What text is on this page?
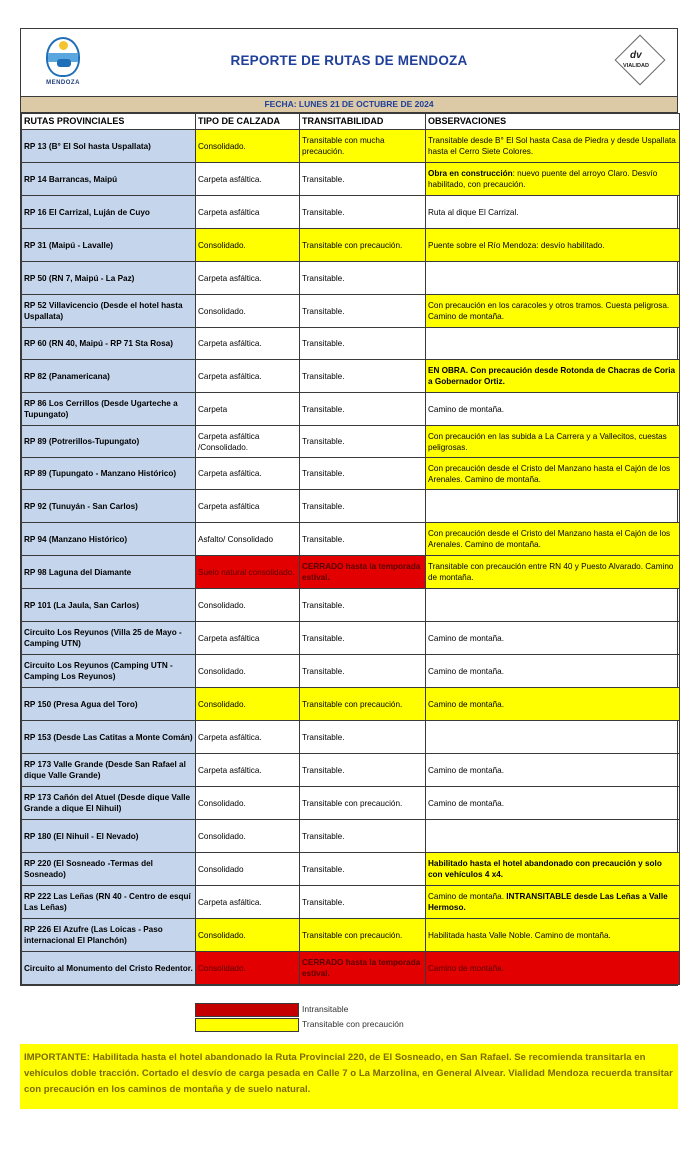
MENDOZA
REPORTE DE RUTAS DE MENDOZA	dv
VIALIDAD
FECHA: LUNES 21 DE OCTUBRE DE 2024
RUTAS PROVINCIALES	TIPO DE CALZADA	TRANSITABILIDAD	OBSERVACIONES
RP 13 (B° El Sol hasta Uspallata)	Consolidado.	Transitable con mucha precaución.	Transitable desde B° El Sol hasta Casa de Piedra y desde Uspallata hasta el Cerro Siete Colores.
RP 14 Barrancas, Maipú	Carpeta asfáltica.	Transitable.	Obra en construcción: nuevo puente del arroyo Claro. Desvío habilitado, con precaución.
RP 16 El Carrizal, Luján de Cuyo	Carpeta asfáltica	Transitable.	Ruta al dique El Carrizal.
RP 31 (Maipú - Lavalle)	Consolidado.	Transitable con precaución.	Puente sobre el Río Mendoza: desvío habilitado.
RP 50 (RN 7, Maipú - La Paz)	Carpeta asfáltica.	Transitable.	
RP 52 Villavicencio (Desde el hotel hasta Uspallata)	Consolidado.	Transitable.	Con precaución en los caracoles y otros tramos. Cuesta peligrosa. Camino de montaña.
RP 60 (RN 40, Maipú - RP 71 Sta Rosa)	Carpeta asfáltica.	Transitable.	
RP 82 (Panamericana)	Carpeta asfáltica.	Transitable.	EN OBRA. Con precaución desde Rotonda de Chacras de Coria a Gobernador Ortiz.
RP 86 Los Cerrillos (Desde Ugarteche a Tupungato)	Carpeta	Transitable.	Camino de montaña.
RP 89 (Potrerillos-Tupungato)	Carpeta asfáltica /Consolidado.	Transitable.	Con precaución en las subida a La Carrera y a Vallecitos, cuestas peligrosas.
RP 89 (Tupungato - Manzano Histórico)	Carpeta asfáltica.	Transitable.	Con precaución desde el Cristo del Manzano hasta el Cajón de los Arenales. Camino de montaña.
RP 92 (Tunuyán - San Carlos)	Carpeta asfáltica	Transitable.	
RP 94 (Manzano Histórico)	Asfalto/ Consolidado	Transitable.	Con precaución desde el Cristo del Manzano hasta el Cajón de los Arenales. Camino de montaña.
RP 98 Laguna del Diamante	Suelo natural consolidado.	CERRADO hasta la temporada estival.	Transitable con precaución entre RN 40 y Puesto Alvarado. Camino de montaña.
RP 101 (La Jaula, San Carlos)	Consolidado.	Transitable.	
Circuito Los Reyunos (Villa 25 de Mayo - Camping UTN)	Carpeta asfáltica	Transitable.	Camino de montaña.
Circuito Los Reyunos (Camping UTN - Camping Los Reyunos)	Consolidado.	Transitable.	Camino de montaña.
RP 150 (Presa Agua del Toro)	Consolidado.	Transitable con precaución.	Camino de montaña.
RP 153 (Desde Las Catitas a Monte Comán)	Carpeta asfáltica.	Transitable.	
RP 173 Valle Grande (Desde San Rafael al dique Valle Grande)	Carpeta asfáltica.	Transitable.	Camino de montaña.
RP 173 Cañón del Atuel (Desde dique Valle Grande a dique El Nihuil)	Consolidado.	Transitable con precaución.	Camino de montaña.
RP 180 (El Nihuil - El Nevado)	Consolidado.	Transitable.	
RP 220 (El Sosneado -Termas del Sosneado)	Consolidado	Transitable.	Habilitado hasta el hotel abandonado con precaución y solo con vehículos 4 x4.
RP 222 Las Leñas (RN 40 - Centro de esquí Las Leñas)	Carpeta asfáltica.	Transitable.	Camino de montaña. INTRANSITABLE desde Las Leñas a Valle Hermoso.
RP 226 El Azufre (Las Loicas - Paso internacional El Planchón)	Consolidado.	Transitable con precaución.	Habilitada hasta Valle Noble. Camino de montaña.
Circuito al Monumento del Cristo Redentor.	Consolidado.	CERRADO hasta la temporada estival.	Camino de montaña.
Intransitable
Transitable con precaución
IMPORTANTE: Habilitada hasta el hotel abandonado la Ruta Provincial 220, de El Sosneado, en San Rafael. Se recomienda transitarla en vehículos doble tracción. Cortado el desvío de carga pesada en Calle 7 o La Marzolina, en General Alvear. Vialidad Mendoza recuerda transitar con precaución en los caminos de montaña y de suelo natural.
